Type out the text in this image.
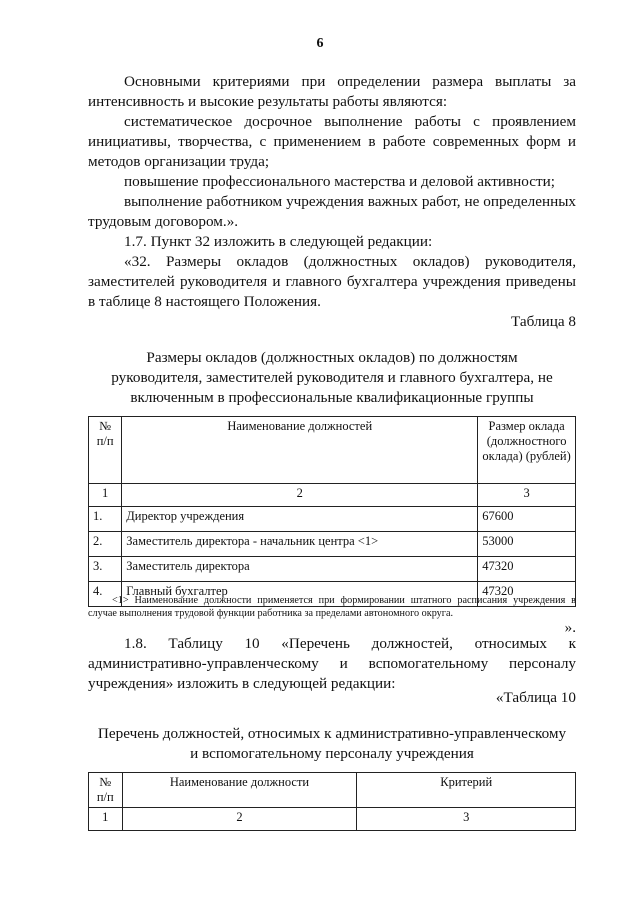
6
Основными критериями при определении размера выплаты за интенсивность и высокие результаты работы являются:
систематическое досрочное выполнение работы с проявлением инициативы, творчества, с применением в работе современных форм и методов организации труда;
повышение профессионального мастерства и деловой активности;
выполнение работником учреждения важных работ, не определенных трудовым договором.».
1.7. Пункт 32 изложить в следующей редакции:
«32. Размеры окладов (должностных окладов) руководителя, заместителей руководителя и главного бухгалтера учреждения приведены в таблице 8 настоящего Положения.
Таблица 8
Размеры окладов (должностных окладов) по должностям руководителя, заместителей руководителя и главного бухгалтера, не включенным в профессиональные квалификационные группы
№ п/п	Наименование должностей	Размер оклада (должностного оклада) (рублей)
1	2	3
1.	Директор учреждения	67600
2.	Заместитель директора - начальник центра <1>	53000
3.	Заместитель директора	47320
4.	Главный бухгалтер	47320
<1> Наименование должности применяется при формировании штатного расписания учреждения в случае выполнения трудовой функции работника за пределами автономного округа.
».
1.8. Таблицу 10 «Перечень должностей, относимых к административно-управленческому и вспомогательному персоналу учреждения» изложить в следующей редакции:
«Таблица 10
Перечень должностей, относимых к административно-управленческому и вспомогательному персоналу учреждения
№ п/п	Наименование должности	Критерий
1	2	3
